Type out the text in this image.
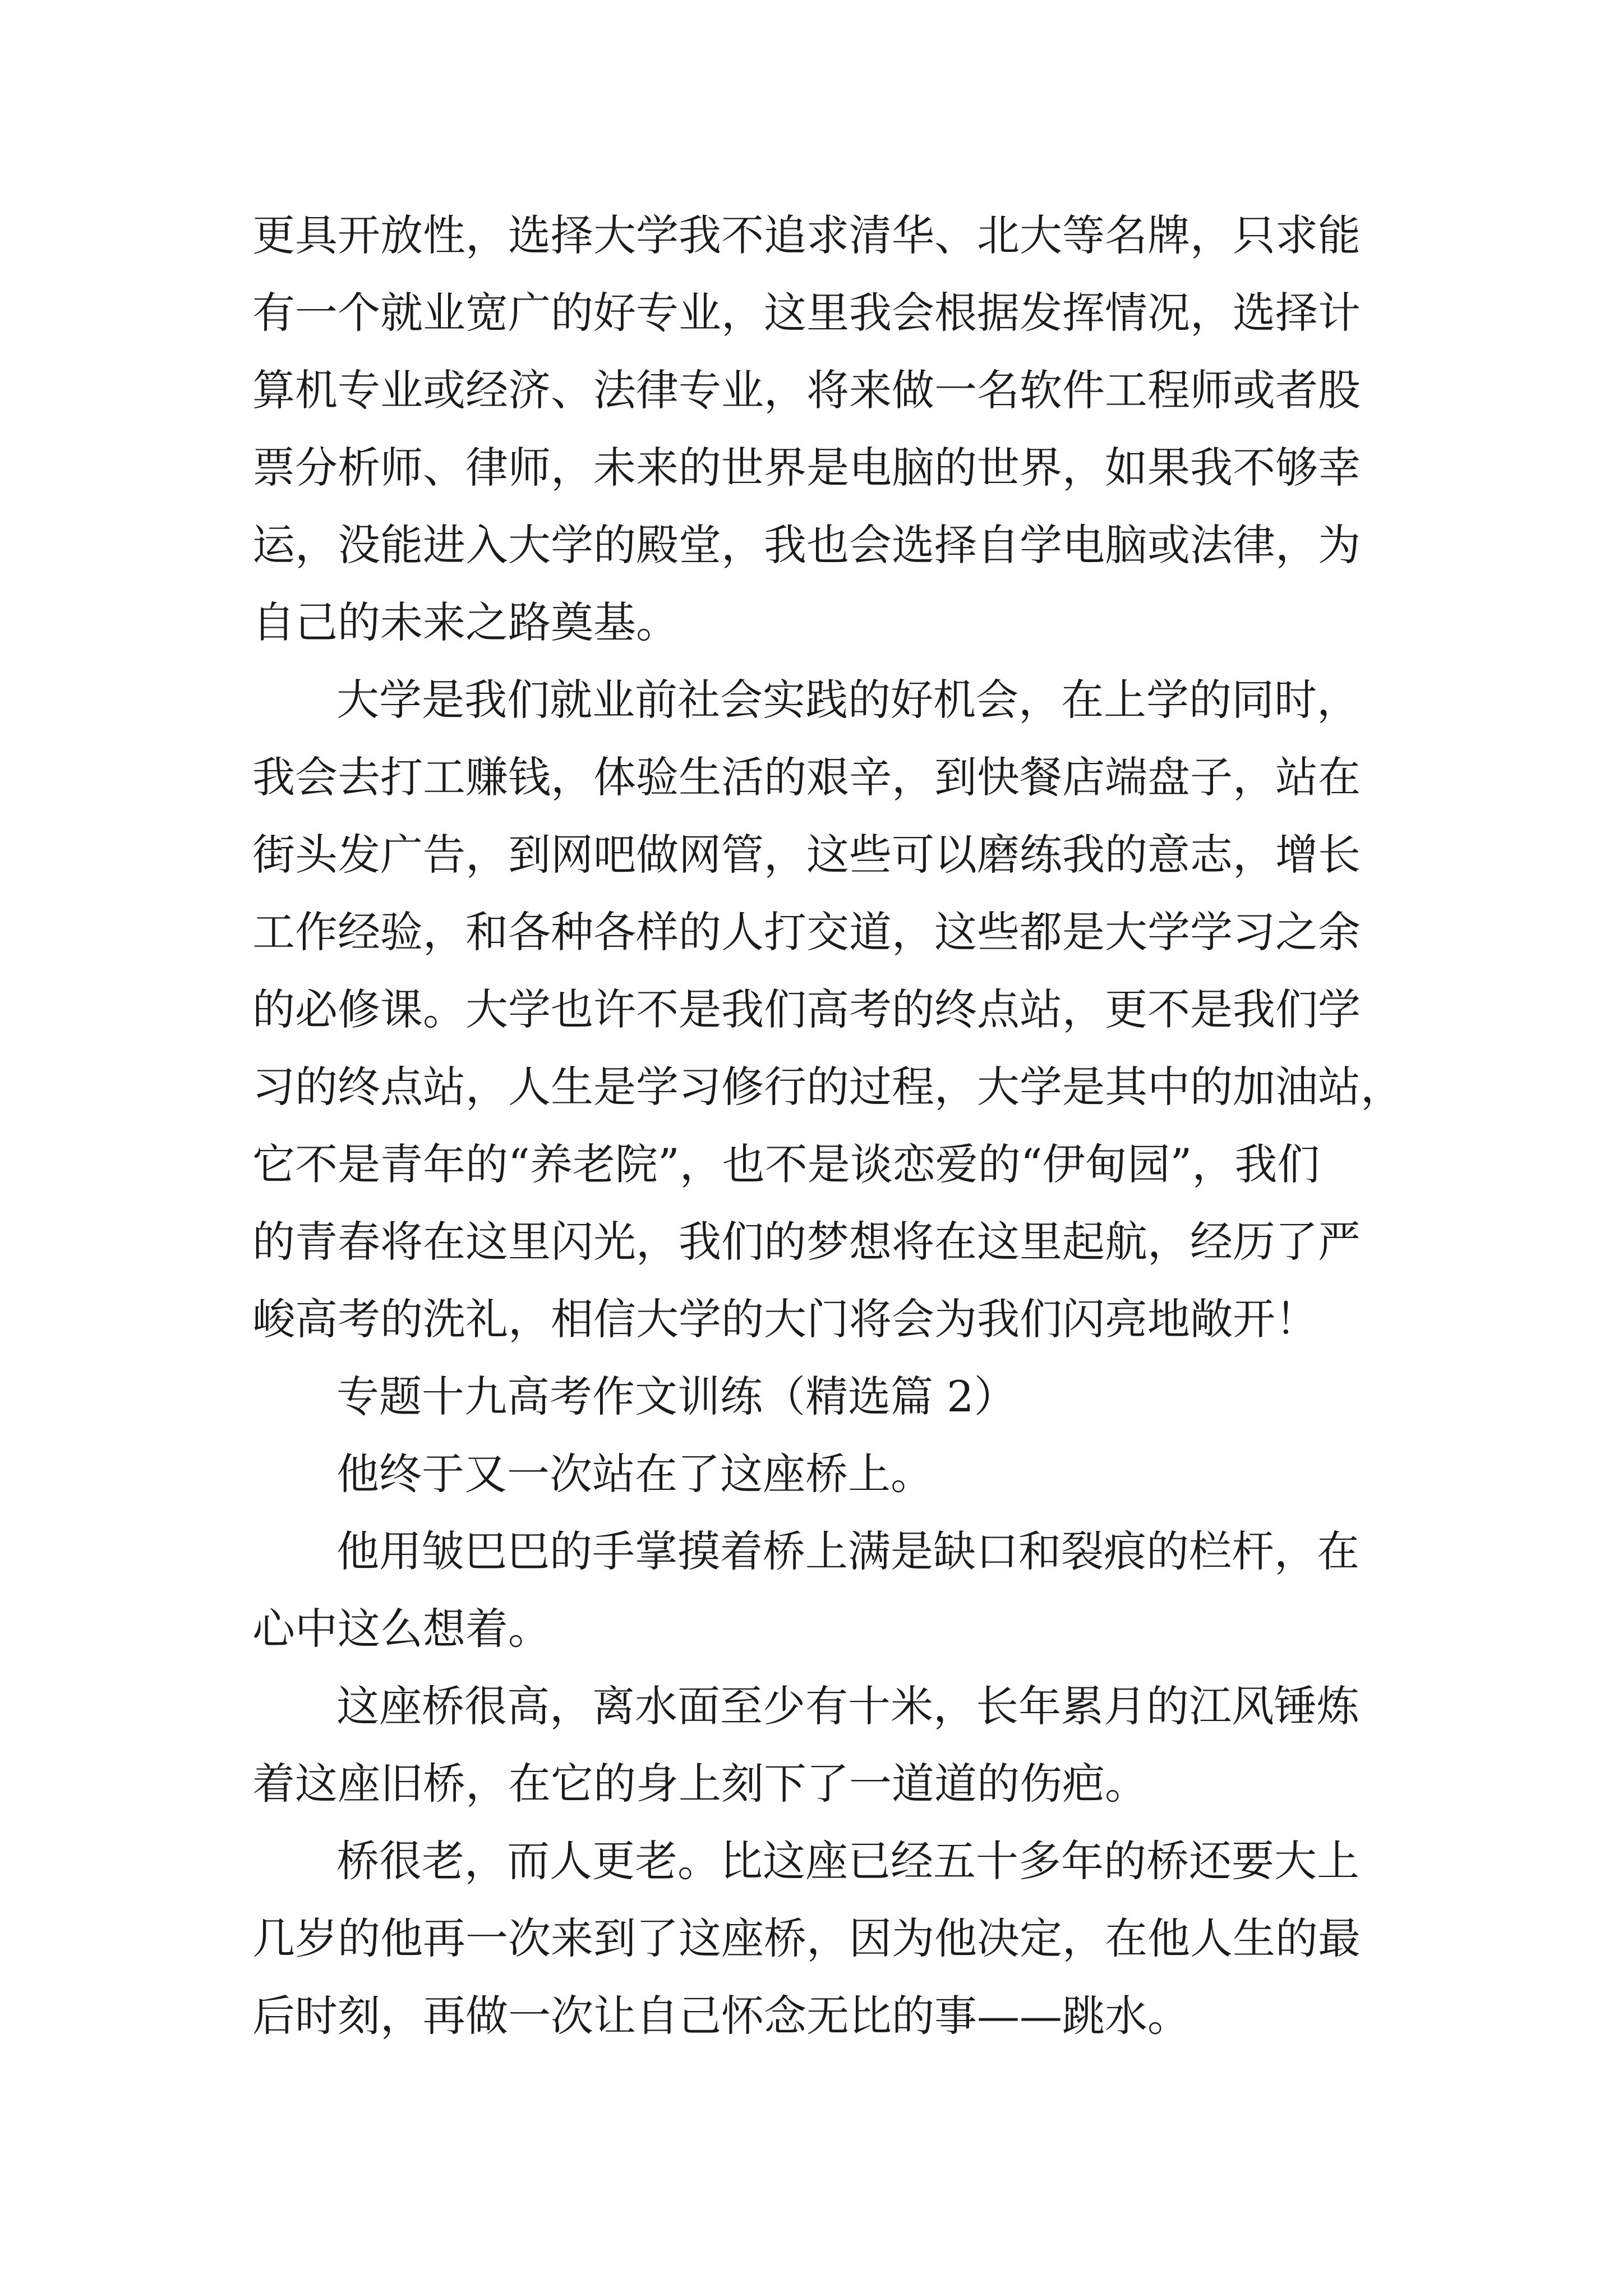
更具开放性，选择大学我不追求清华、北大等名牌，只求能
有一个就业宽广的好专业，这里我会根据发挥情况，选择计
算机专业或经济、法律专业，将来做一名软件工程师或者股
票分析师、律师，未来的世界是电脑的世界，如果我不够幸
运，没能进入大学的殿堂，我也会选择自学电脑或法律，为
自己的未来之路奠基。
大学是我们就业前社会实践的好机会，在上学的同时，
我会去打工赚钱，体验生活的艰辛，到快餐店端盘子，站在
街头发广告，到网吧做网管，这些可以磨练我的意志，增长
工作经验，和各种各样的人打交道，这些都是大学学习之余
的必修课。大学也许不是我们高考的终点站，更不是我们学
习的终点站，人生是学习修行的过程，大学是其中的加油站，
它不是青年的“养老院”，也不是谈恋爱的“伊甸园”，我们
的青春将在这里闪光，我们的梦想将在这里起航，经历了严
峻高考的洗礼，相信大学的大门将会为我们闪亮地敞开！
专题十九高考作文训练（精选篇 2）
他终于又一次站在了这座桥上。
他用皱巴巴的手掌摸着桥上满是缺口和裂痕的栏杆，在
心中这么想着。
这座桥很高，离水面至少有十米，长年累月的江风锤炼
着这座旧桥，在它的身上刻下了一道道的伤疤。
桥很老，而人更老。比这座已经五十多年的桥还要大上
几岁的他再一次来到了这座桥，因为他决定，在他人生的最
后时刻，再做一次让自己怀念无比的事——跳水。
